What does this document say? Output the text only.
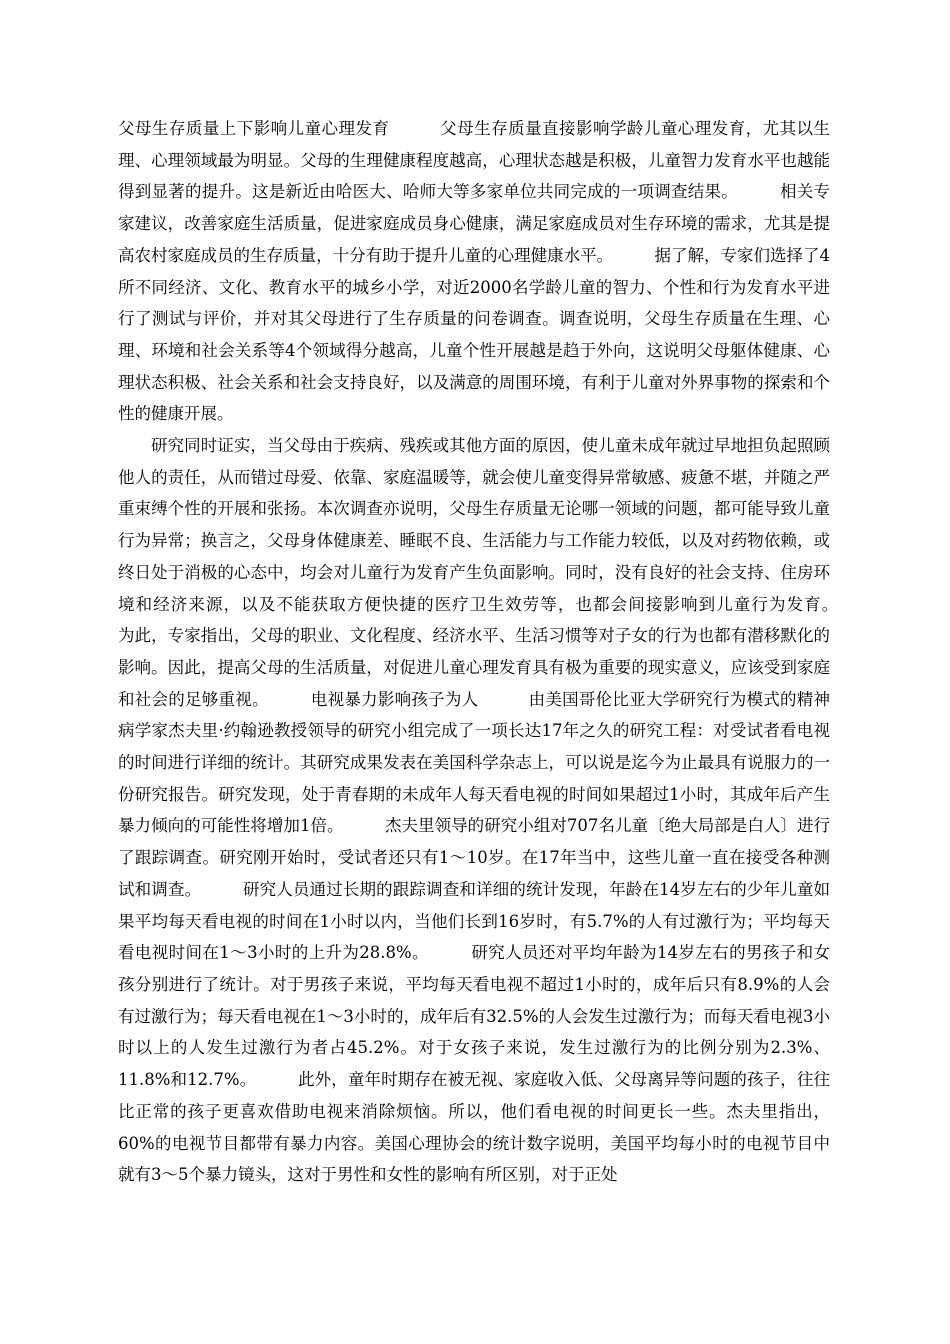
父母生存质量上下影响儿童心理发育　　　父母生存质量直接影响学龄儿童心理发育，尤其以生理、心理领域最为明显。父母的生理健康程度越高，心理状态越是积极，儿童智力发育水平也越能得到显著的提升。这是新近由哈医大、哈师大等多家单位共同完成的一项调查结果。　　　相关专家建议，改善家庭生活质量，促进家庭成员身心健康，满足家庭成员对生存环境的需求，尤其是提高农村家庭成员的生存质量，十分有助于提升儿童的心理健康水平。　　　据了解，专家们选择了4所不同经济、文化、教育水平的城乡小学，对近2000名学龄儿童的智力、个性和行为发育水平进行了测试与评价，并对其父母进行了生存质量的问卷调查。调查说明，父母生存质量在生理、心理、环境和社会关系等4个领域得分越高，儿童个性开展越是趋于外向，这说明父母躯体健康、心理状态积极、社会关系和社会支持良好，以及满意的周围环境，有利于儿童对外界事物的探索和个性的健康开展。

研究同时证实，当父母由于疾病、残疾或其他方面的原因，使儿童未成年就过早地担负起照顾他人的责任，从而错过母爱、依靠、家庭温暖等，就会使儿童变得异常敏感、疲惫不堪，并随之严重束缚个性的开展和张扬。本次调查亦说明，父母生存质量无论哪一领域的问题，都可能导致儿童行为异常；换言之，父母身体健康差、睡眠不良、生活能力与工作能力较低，以及对药物依赖，或终日处于消极的心态中，均会对儿童行为发育产生负面影响。同时，没有良好的社会支持、住房环境和经济来源，以及不能获取方便快捷的医疗卫生效劳等，也都会间接影响到儿童行为发育。　　　为此，专家指出，父母的职业、文化程度、经济水平、生活习惯等对子女的行为也都有潜移默化的影响。因此，提高父母的生活质量，对促进儿童心理发育具有极为重要的现实意义，应该受到家庭和社会的足够重视。　　　电视暴力影响孩子为人　　　由美国哥伦比亚大学研究行为模式的精神病学家杰夫里·约翰逊教授领导的研究小组完成了一项长达17年之久的研究工程：对受试者看电视的时间进行详细的统计。其研究成果发表在美国科学杂志上，可以说是迄今为止最具有说服力的一份研究报告。研究发现，处于青春期的未成年人每天看电视的时间如果超过1小时，其成年后产生暴力倾向的可能性将增加1倍。　　　杰夫里领导的研究小组对707名儿童〔绝大局部是白人〕进行了跟踪调查。研究刚开始时，受试者还只有1～10岁。在17年当中，这些儿童一直在接受各种测试和调查。　　　研究人员通过长期的跟踪调查和详细的统计发现，年龄在14岁左右的少年儿童如果平均每天看电视的时间在1小时以内，当他们长到16岁时，有5.7%的人有过激行为；平均每天看电视时间在1～3小时的上升为28.8%。　　　研究人员还对平均年龄为14岁左右的男孩子和女孩分别进行了统计。对于男孩子来说，平均每天看电视不超过1小时的，成年后只有8.9%的人会有过激行为；每天看电视在1～3小时的，成年后有32.5%的人会发生过激行为；而每天看电视3小时以上的人发生过激行为者占45.2%。对于女孩子来说，发生过激行为的比例分别为2.3%、11.8%和12.7%。　　　此外，童年时期存在被无视、家庭收入低、父母离异等问题的孩子，往往比正常的孩子更喜欢借助电视来消除烦恼。所以，他们看电视的时间更长一些。杰夫里指出，60%的电视节目都带有暴力内容。美国心理协会的统计数字说明，美国平均每小时的电视节目中就有3～5个暴力镜头，这对于男性和女性的影响有所区别，对于正处
